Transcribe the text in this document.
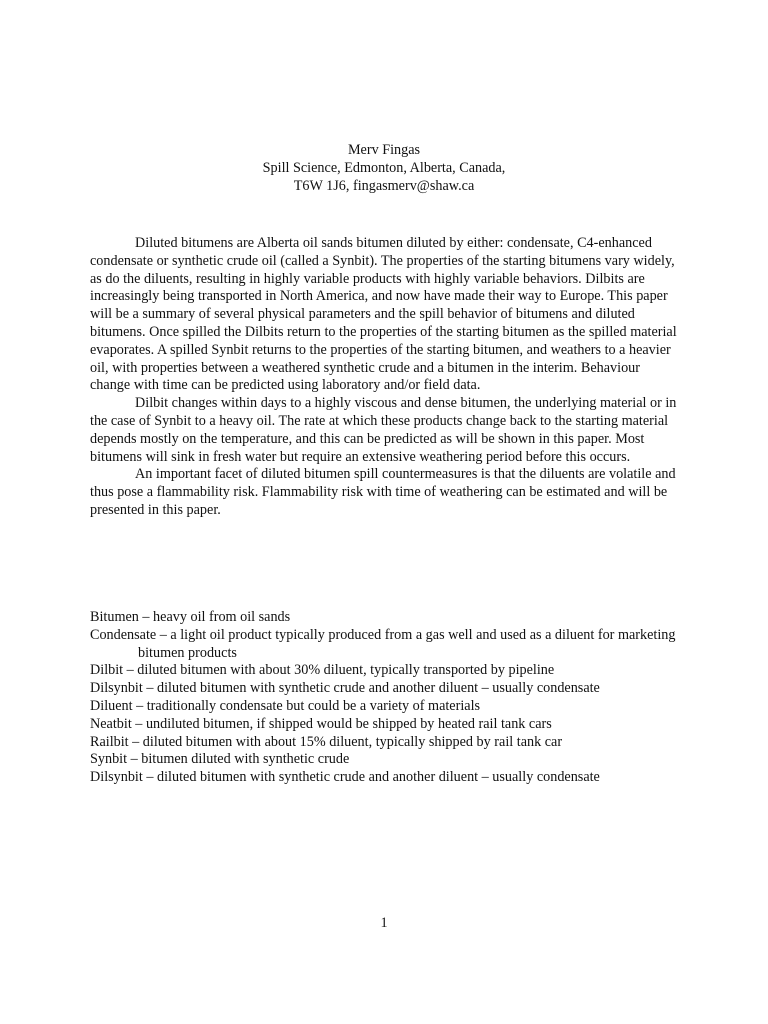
Merv Fingas
Spill Science, Edmonton, Alberta, Canada,
T6W 1J6, fingasmerv@shaw.ca

Diluted bitumens are Alberta oil sands bitumen diluted by either: condensate, C4-enhanced condensate or synthetic crude oil (called a Synbit). The properties of the starting bitumens vary widely, as do the diluents, resulting in highly variable products with highly variable behaviors. Dilbits are increasingly being transported in North America, and now have made their way to Europe. This paper will be a summary of several physical parameters and the spill behavior of bitumens and diluted bitumens. Once spilled the Dilbits return to the properties of the starting bitumen as the spilled material evaporates. A spilled Synbit returns to the properties of the starting bitumen, and weathers to a heavier oil, with properties between a weathered synthetic crude and a bitumen in the interim. Behaviour change with time can be predicted using laboratory and/or field data.

Dilbit changes within days to a highly viscous and dense bitumen, the underlying material or in the case of Synbit to a heavy oil. The rate at which these products change back to the starting material depends mostly on the temperature, and this can be predicted as will be shown in this paper. Most bitumens will sink in fresh water but require an extensive weathering period before this occurs.

An important facet of diluted bitumen spill countermeasures is that the diluents are volatile and thus pose a flammability risk. Flammability risk with time of weathering can be estimated and will be presented in this paper.

Bitumen – heavy oil from oil sands
Condensate – a light oil product typically produced from a gas well and used as a diluent for marketing bitumen products
Dilbit – diluted bitumen with about 30% diluent, typically transported by pipeline
Dilsynbit – diluted bitumen with synthetic crude and another diluent – usually condensate
Diluent – traditionally condensate but could be a variety of materials
Neatbit – undiluted bitumen, if shipped would be shipped by heated rail tank cars
Railbit – diluted bitumen with about 15% diluent, typically shipped by rail tank car
Synbit – bitumen diluted with synthetic crude
Dilsynbit – diluted bitumen with synthetic crude and another diluent – usually condensate
1
